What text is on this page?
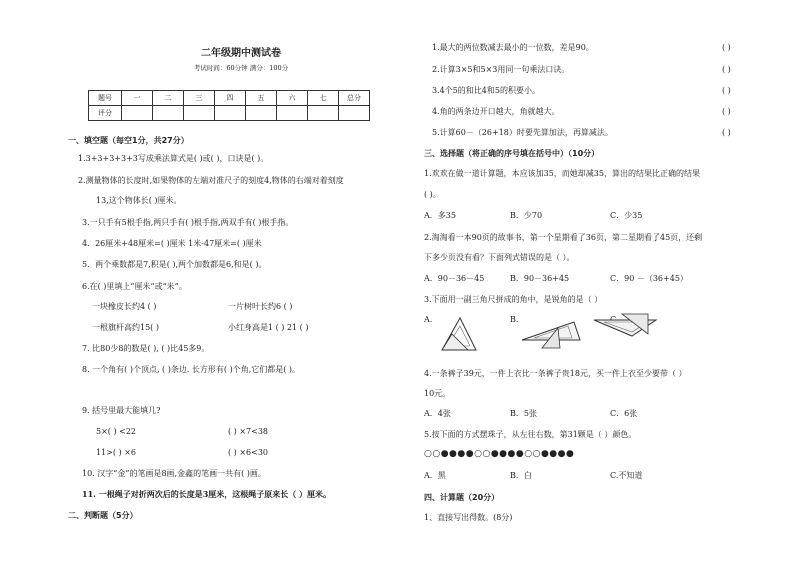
二年级期中测试卷
考试时间：60分钟 满分：100分
题号	一	二	三	四	五	六	七	总分
评分								
一、填空题（每空1分，共27分）
1.3+3+3+3+3写成乘法算式是( )或( )，口诀是( )。
2.测量物体的长度时,如果物体的左端对准尺子的刻度4,物体的右端对着刻度
13,这个物体长( )厘米。
3.一只手有5根手指,两只手有( )根手指,两双手有( )根手指。
4．26厘米+48厘米=( )厘米 1米-47厘米=( )厘米
5．两个乘数都是7,积是( ),两个加数都是6,和是( )。
6.在( )里填上“厘米”或“米”。
一块橡皮长约4 ( )	一片树叶长约6 ( )
一根旗杆高约15( )	小红身高是1 ( ) 21 ( )
7. 比80少8的数是( ), ( )比45多9。
8. 一个角有( )个顶点, ( )条边. 长方形有( )个角,它们都是( )。
9. 括号里最大能填几?
5×( ) <22	( ) ×7<38
11>( ) ×6	( ) ×6<30
10. 汉字“金”的笔画是8画,金鑫的笔画一共有( )画。
11. 一根绳子对折两次后的长度是3厘米，这根绳子原来长（ ）厘米。
二、判断题（5分）
1.最大的两位数减去最小的一位数，差是90。	( )
2.计算3×5和5×3用同一句乘法口诀。	( )
3.4个5的和比4和5的积要小。	( )
4.角的两条边开口越大，角就越大。	( )
5.计算60－（26+18）时要先算加法，再算减法。	( )
三、选择题（将正确的序号填在括号中）（10分）
1.欢欢在做一道计算题，本应该加35，而她却减35，算出的结果比正确的结果
( )。
A．多35	B．少70	C．少35
2.淘淘看一本90页的故事书，第一个星期看了36页，第二星期看了45页，还剩
下多少页没有看？下面列式错误的是（ ）。
A．90－36－45	B．90－36+45	C．90 －（36+45）
3.下面用一副三角尺拼成的角中，是锐角的是（ ）
A.	B.
4.一条裤子39元，一件上衣比一条裤子贵18元，买一件上衣至少要带（ ）
10元。
A．4张	B．5张	C．6张
5.按下面的方式摆珠子，从左往右数，第31颗是（ ）颜色。
○○●●●●○○●●●●○○●●●●
A．黑	B．白	C.不知道
四、计算题（20分）
1、直接写出得数。(8分)
